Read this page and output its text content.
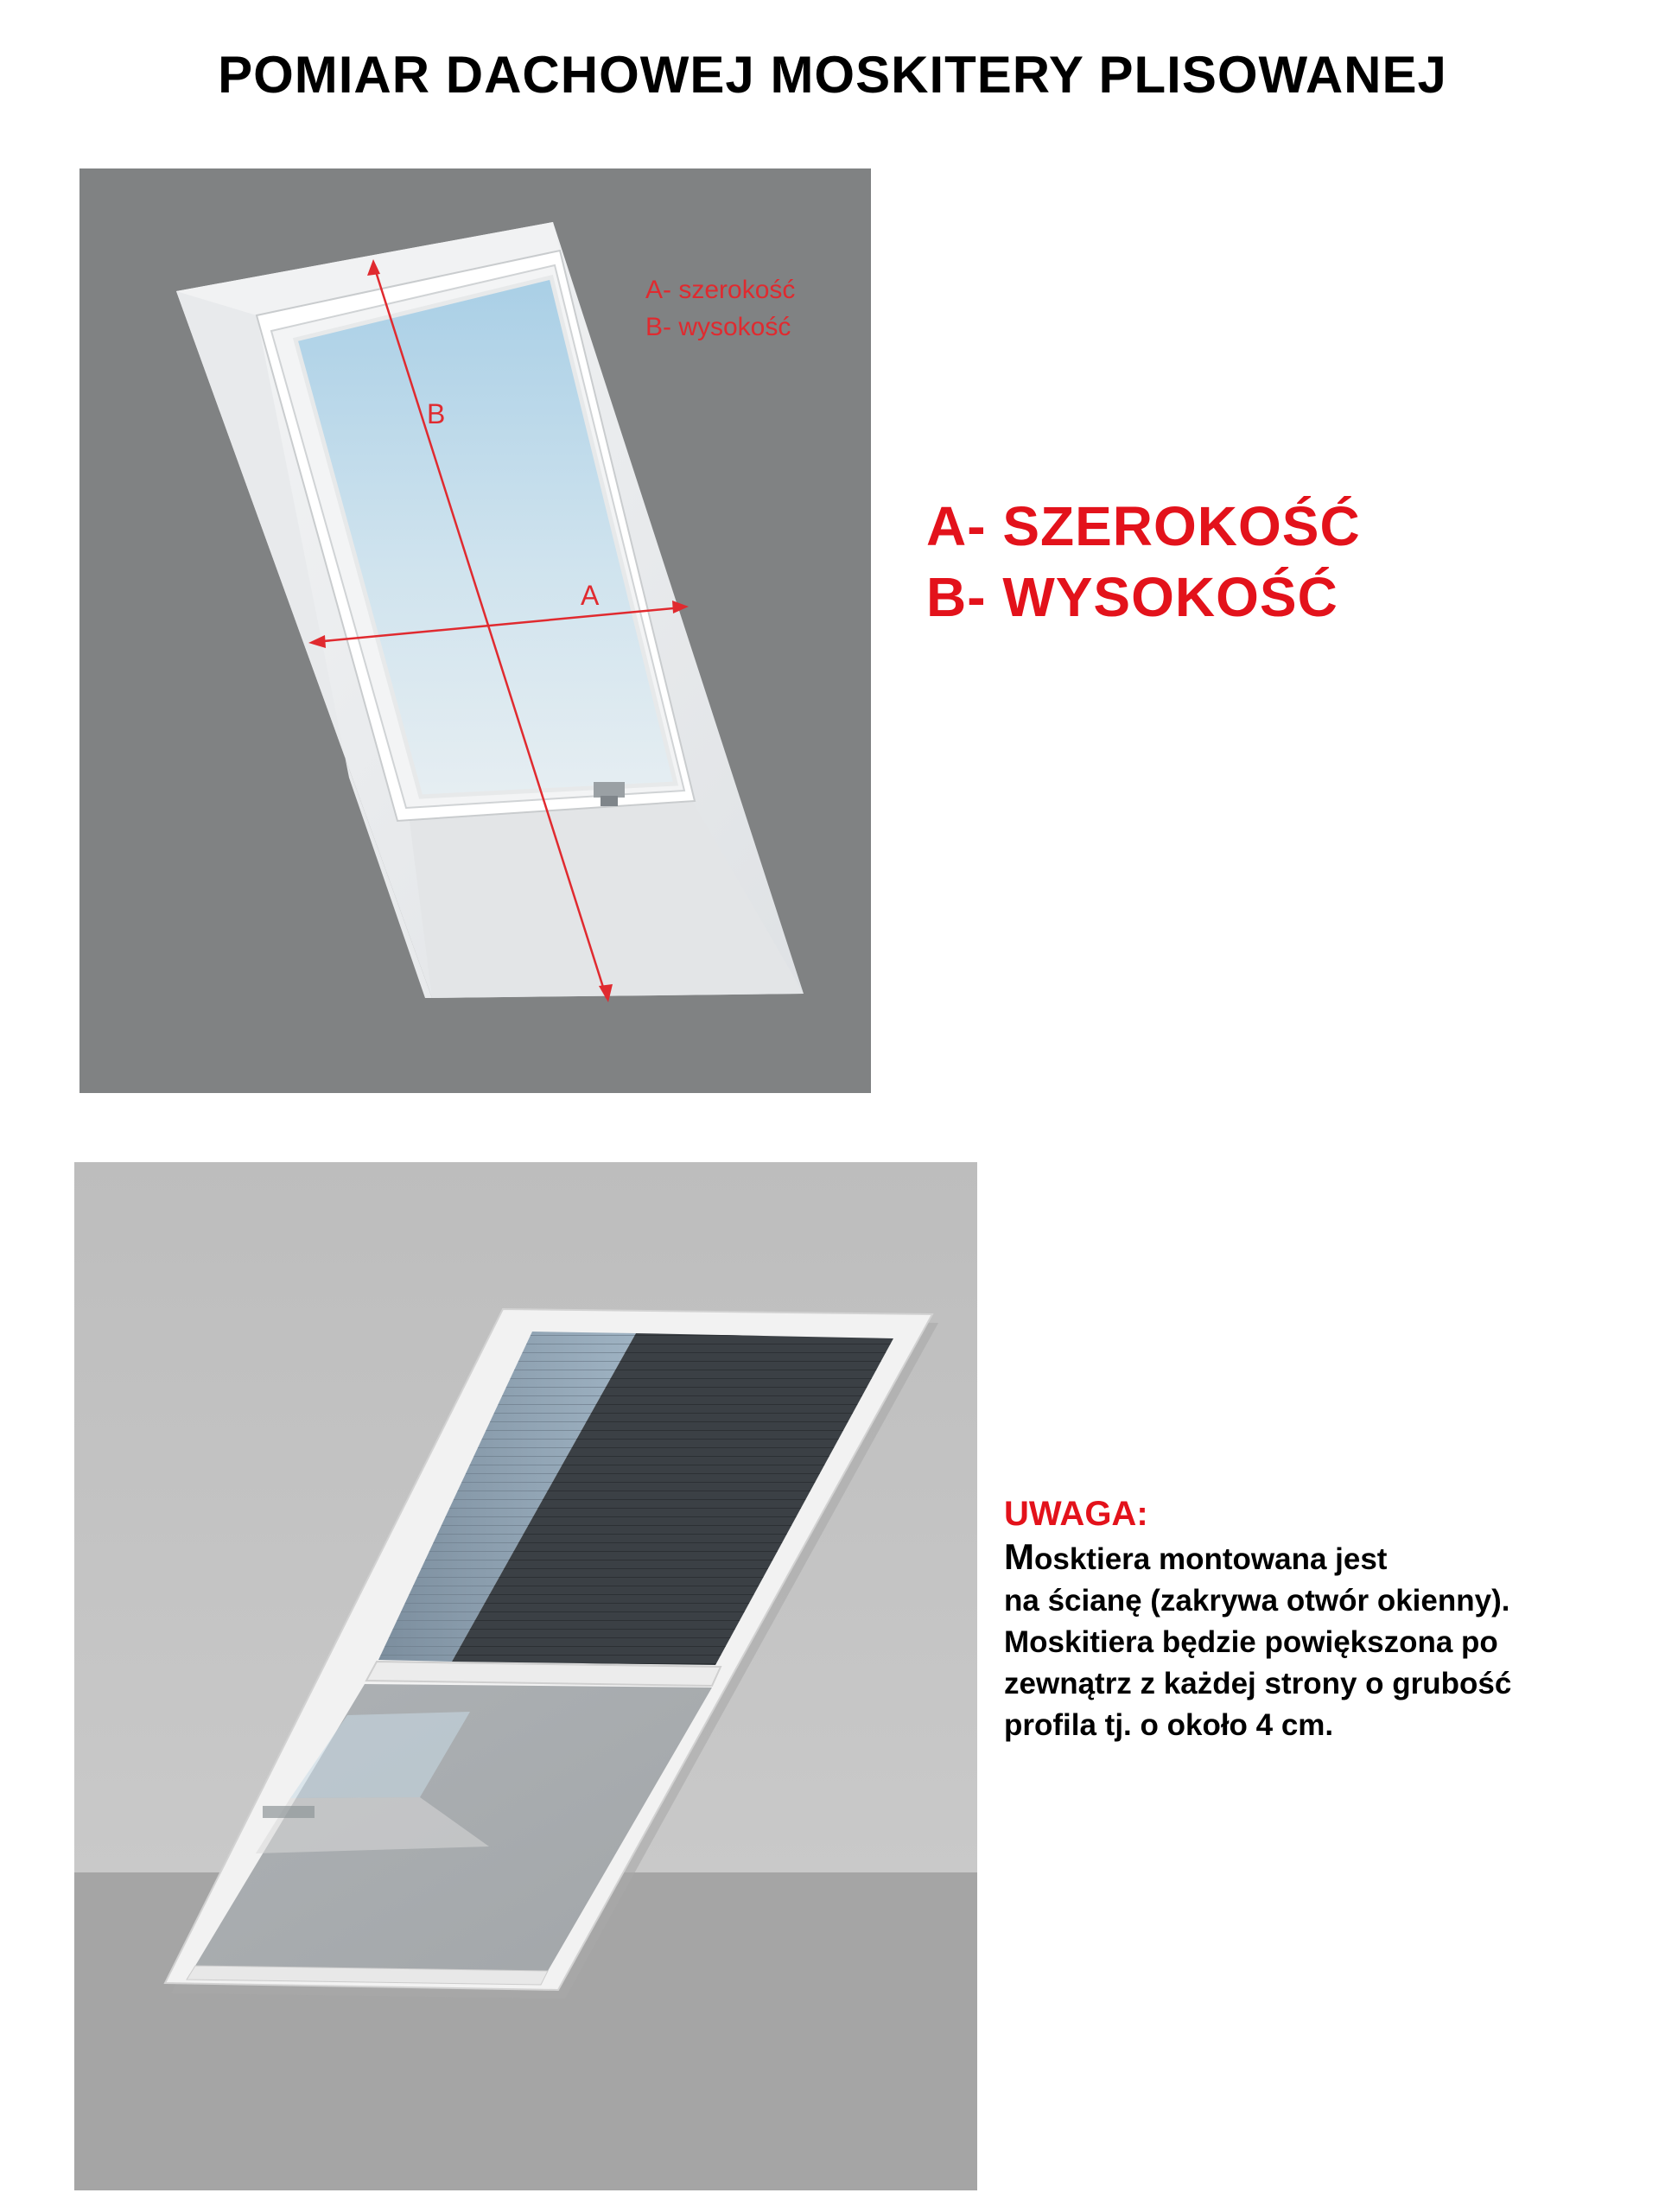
POMIAR DACHOWEJ MOSKITERY PLISOWANEJ
B
A
A- szerokość
B- wysokość
A- SZEROKOŚĆ
B- WYSOKOŚĆ
UWAGA:
Mosktiera montowana jest
na ścianę (zakrywa otwór okienny).
Moskitiera będzie powiększona po
zewnątrz z każdej strony o grubość
profila tj. o około 4 cm.
